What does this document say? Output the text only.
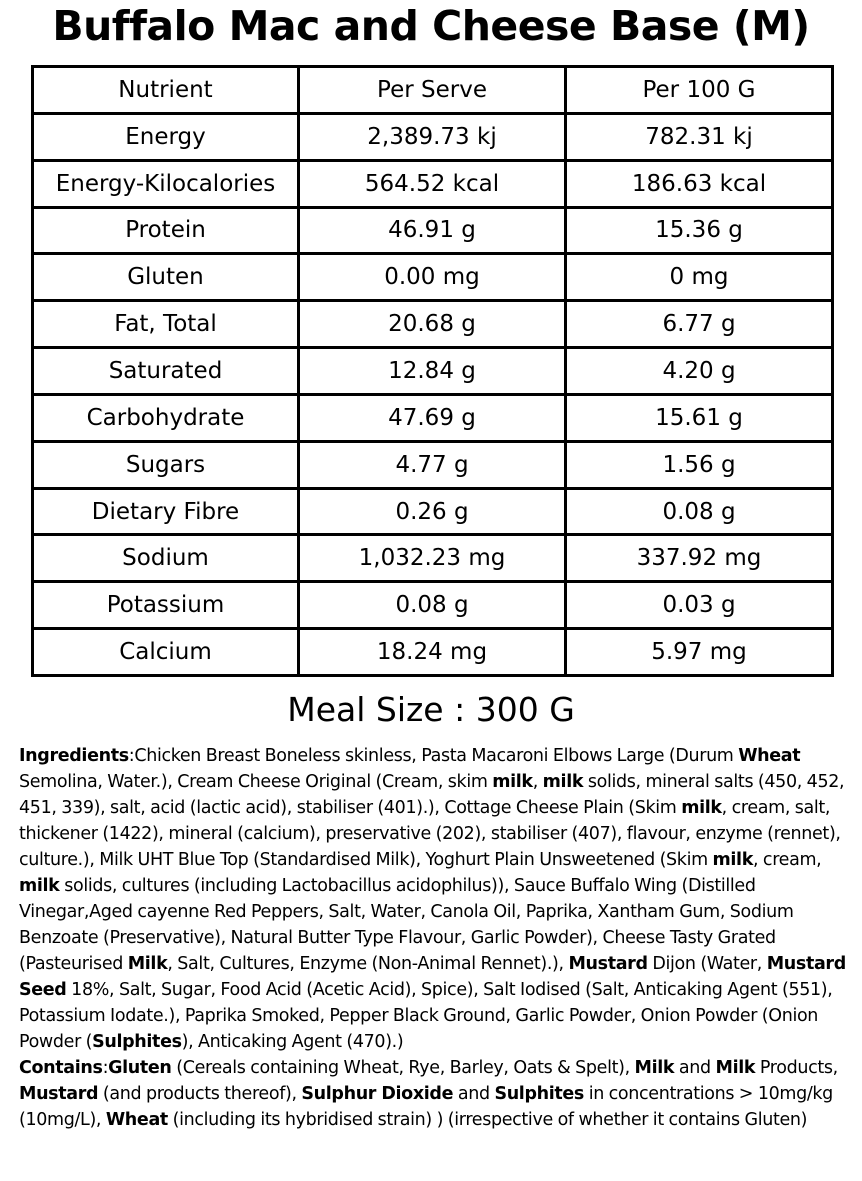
Buffalo Mac and Cheese Base (M)
Nutrient	Per Serve	Per 100 G
Energy	2,389.73 kj	782.31 kj
Energy-Kilocalories	564.52 kcal	186.63 kcal
Protein	46.91 g	15.36 g
Gluten	0.00 mg	0 mg
Fat, Total	20.68 g	6.77 g
Saturated	12.84 g	4.20 g
Carbohydrate	47.69 g	15.61 g
Sugars	4.77 g	1.56 g
Dietary Fibre	0.26 g	0.08 g
Sodium	1,032.23 mg	337.92 mg
Potassium	0.08 g	0.03 g
Calcium	18.24 mg	5.97 mg
Meal Size : 300 G

Ingredients:Chicken Breast Boneless skinless, Pasta Macaroni Elbows Large (Durum Wheat Semolina, Water.), Cream Cheese Original (Cream, skim milk, milk solids, mineral salts (450, 452, 451, 339), salt, acid (lactic acid), stabiliser (401).), Cottage Cheese Plain (Skim milk, cream, salt, thickener (1422), mineral (calcium), preservative (202), stabiliser (407), flavour, enzyme (rennet), culture.), Milk UHT Blue Top (Standardised Milk), Yoghurt Plain Unsweetened (Skim milk, cream, milk solids, cultures (including Lactobacillus acidophilus)), Sauce Buffalo Wing (Distilled Vinegar,Aged cayenne Red Peppers, Salt, Water, Canola Oil, Paprika, Xantham Gum, Sodium Benzoate (Preservative), Natural Butter Type Flavour, Garlic Powder), Cheese Tasty Grated (Pasteurised Milk, Salt, Cultures, Enzyme (Non-Animal Rennet).), Mustard Dijon (Water, Mustard Seed 18%, Salt, Sugar, Food Acid (Acetic Acid), Spice), Salt Iodised (Salt, Anticaking Agent (551), Potassium Iodate.), Paprika Smoked, Pepper Black Ground, Garlic Powder, Onion Powder (Onion Powder (Sulphites), Anticaking Agent (470).)

Contains:Gluten (Cereals containing Wheat, Rye, Barley, Oats & Spelt), Milk and Milk Products, Mustard (and products thereof), Sulphur Dioxide and Sulphites in concentrations > 10mg/kg (10mg/L), Wheat (including its hybridised strain) ) (irrespective of whether it contains Gluten)
